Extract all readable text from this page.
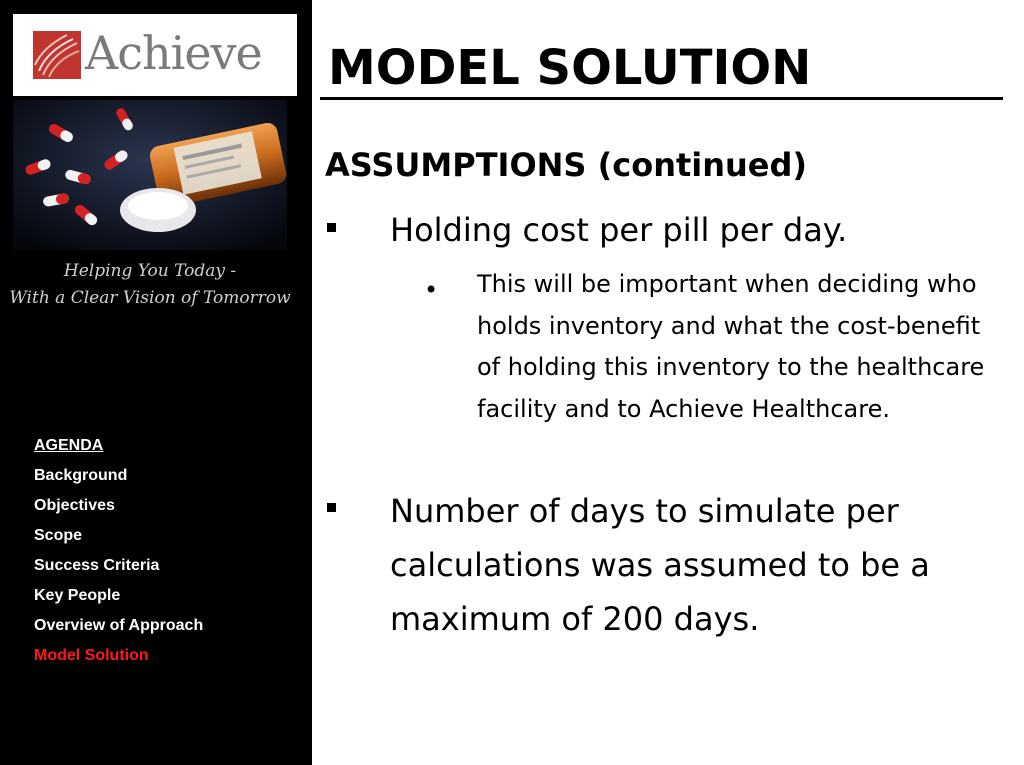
Achieve
Helping You Today -
With a Clear Vision of Tomorrow
AGENDA
Background
Objectives
Scope
Success Criteria
Key People
Overview of Approach
Model Solution
MODEL SOLUTION
ASSUMPTIONS (continued)
Holding cost per pill per day.
• This will be important when deciding who holds inventory and what the cost-benefit of holding this inventory to the healthcare facility and to Achieve Healthcare.
Number of days to simulate per calculations was assumed to be a maximum of 200 days.
